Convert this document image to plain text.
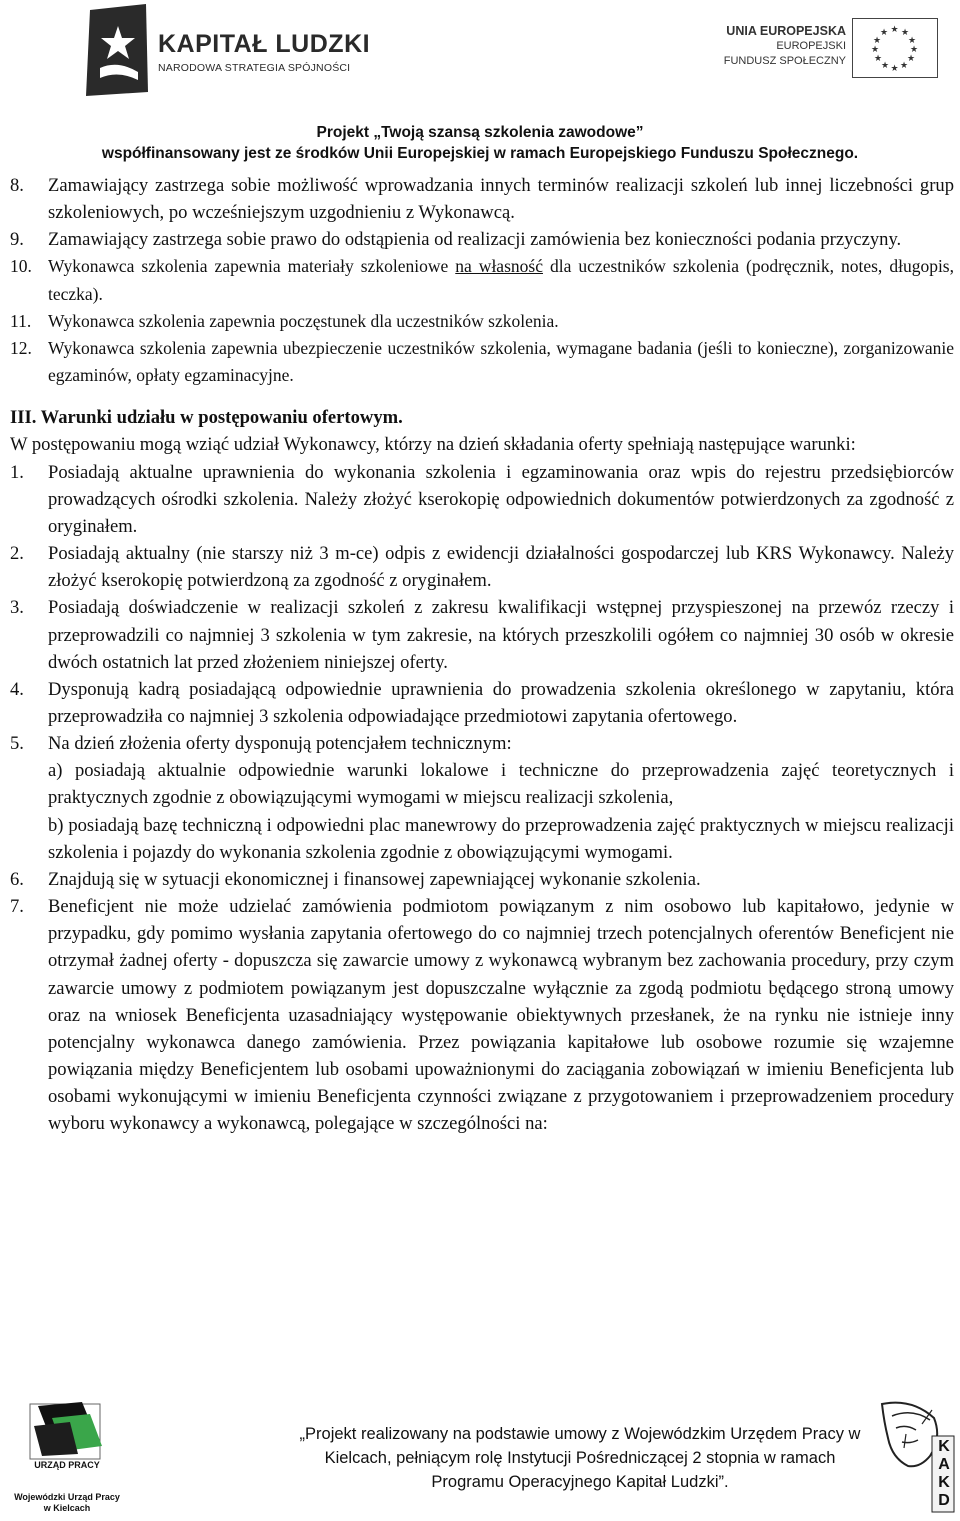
KAPITAŁ LUDZKI
NARODOWA STRATEGIA SPÓJNOŚCI
UNIA EUROPEJSKA
EUROPEJSKI
FUNDUSZ SPOŁECZNY
★ ★
★
★
★
★
★
★
★
★
★
★
Projekt „Twoją szansą szkolenia zawodowe”
współfinansowany jest ze środków Unii Europejskiej w ramach Europejskiego Funduszu Społecznego.
8. Zamawiający zastrzega sobie możliwość wprowadzania innych terminów realizacji szkoleń lub innej liczebności grup szkoleniowych, po wcześniejszym uzgodnieniu z Wykonawcą.
9. Zamawiający zastrzega sobie prawo do odstąpienia od realizacji zamówienia bez konieczności podania przyczyny.
10. Wykonawca szkolenia zapewnia materiały szkoleniowe na własność dla uczestników szkolenia (podręcznik, notes, długopis, teczka).
11. Wykonawca szkolenia zapewnia poczęstunek dla uczestników szkolenia.
12. Wykonawca szkolenia zapewnia ubezpieczenie uczestników szkolenia, wymagane badania (jeśli to konieczne), zorganizowanie egzaminów, opłaty egzaminacyjne.
III. Warunki udziału w postępowaniu ofertowym.
W postępowaniu mogą wziąć udział Wykonawcy, którzy na dzień składania oferty spełniają następujące warunki:
1. Posiadają aktualne uprawnienia do wykonania szkolenia i egzaminowania oraz wpis do rejestru przedsiębiorców prowadzących ośrodki szkolenia. Należy złożyć kserokopię odpowiednich dokumentów potwierdzonych za zgodność z oryginałem.
2. Posiadają aktualny (nie starszy niż 3 m-ce) odpis z ewidencji działalności gospodarczej lub KRS Wykonawcy. Należy złożyć kserokopię potwierdzoną za zgodność z oryginałem.
3. Posiadają doświadczenie w realizacji szkoleń z zakresu kwalifikacji wstępnej przyspieszonej na przewóz rzeczy i przeprowadzili co najmniej 3 szkolenia w tym zakresie, na których przeszkolili ogółem co najmniej 30 osób w okresie dwóch ostatnich lat przed złożeniem niniejszej oferty.
4. Dysponują kadrą posiadającą odpowiednie uprawnienia do prowadzenia szkolenia określonego w zapytaniu, która przeprowadziła co najmniej 3 szkolenia odpowiadające przedmiotowi zapytania ofertowego.
5. Na dzień złożenia oferty dysponują potencjałem technicznym:
a) posiadają aktualnie odpowiednie warunki lokalowe i techniczne do przeprowadzenia zajęć teoretycznych i praktycznych zgodnie z obowiązującymi wymogami w miejscu realizacji szkolenia,
b) posiadają bazę techniczną i odpowiedni plac manewrowy do przeprowadzenia zajęć praktycznych w miejscu realizacji szkolenia i pojazdy do wykonania szkolenia zgodnie z obowiązującymi wymogami.
6. Znajdują się w sytuacji ekonomicznej i finansowej zapewniającej wykonanie szkolenia.
7. Beneficjent nie może udzielać zamówienia podmiotom powiązanym z nim osobowo lub kapitałowo, jedynie w przypadku, gdy pomimo wysłania zapytania ofertowego do co najmniej trzech potencjalnych oferentów Beneficjent nie otrzymał żadnej oferty - dopuszcza się zawarcie umowy z wykonawcą wybranym bez zachowania procedury, przy czym zawarcie umowy z podmiotem powiązanym jest dopuszczalne wyłącznie za zgodą podmiotu będącego stroną umowy oraz na wniosek Beneficjenta uzasadniający występowanie obiektywnych przesłanek, że na rynku nie istnieje inny potencjalny wykonawca danego zamówienia. Przez powiązania kapitałowe lub osobowe rozumie się wzajemne powiązania między Beneficjentem lub osobami upoważnionymi do zaciągania zobowiązań w imieniu Beneficjenta lub osobami wykonującymi w imieniu Beneficjenta czynności związane z przygotowaniem i przeprowadzeniem procedury wyboru wykonawcy a wykonawcą, polegające w szczególności na:
URZĄD PRACY
Wojewódzki Urząd Pracy
w Kielcach
„Projekt realizowany na podstawie umowy z Wojewódzkim Urzędem Pracy w
Kielcach, pełniącym rolę Instytucji Pośredniczącej 2 stopnia w ramach
Programu Operacyjnego Kapitał Ludzki”.
K
A
K
D
